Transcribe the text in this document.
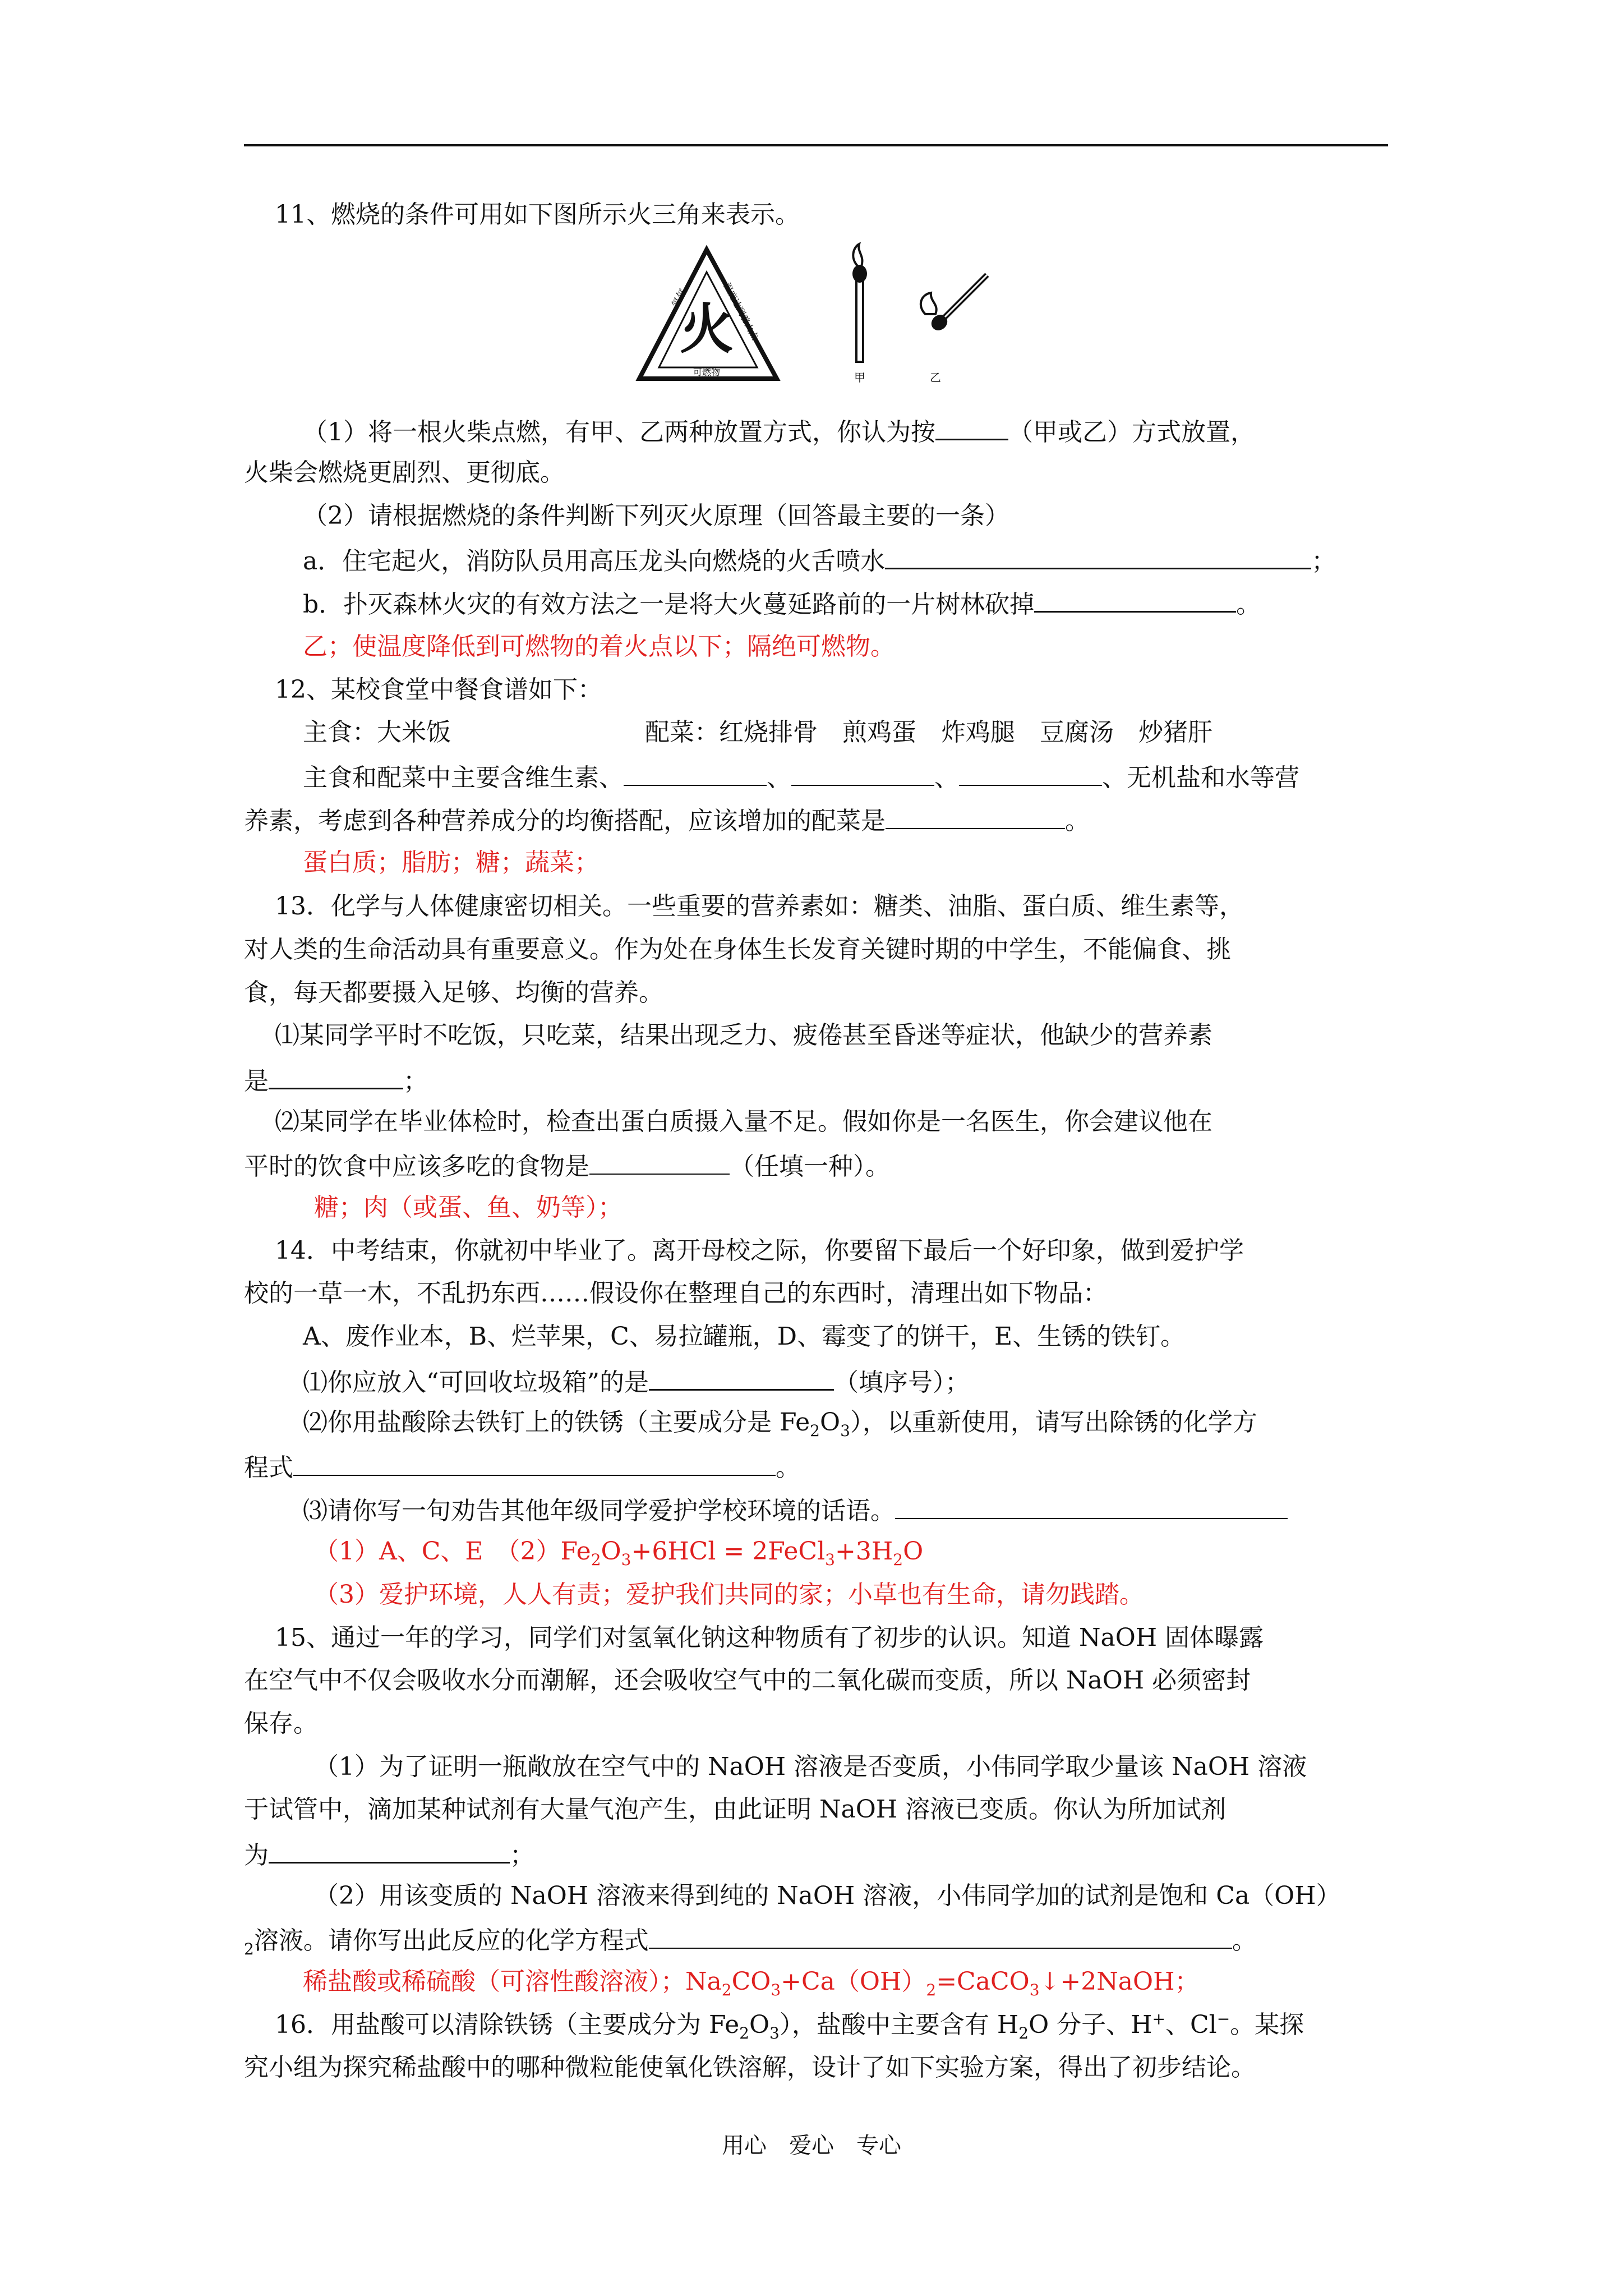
11、燃烧的条件可用如下图所示火三角来表示。
火
氧气	温度达到着火点
可燃物	甲	乙
（1）将一根火柴点燃，有甲、乙两种放置方式，你认为按	（甲或乙）方式放置，
火柴会燃烧更剧烈、更彻底。
（2）请根据燃烧的条件判断下列灭火原理（回答最主要的一条）
a．住宅起火，消防队员用高压龙头向燃烧的火舌喷水	；
b．扑灭森林火灾的有效方法之一是将大火蔓延路前的一片树林砍掉	。
乙；使温度降低到可燃物的着火点以下；隔绝可燃物。
12、某校食堂中餐食谱如下：
主食：大米饭	配菜：红烧排骨　煎鸡蛋　炸鸡腿　豆腐汤　炒猪肝
主食和配菜中主要含维生素、	、	、	、无机盐和水等营
养素，考虑到各种营养成分的均衡搭配，应该增加的配菜是	。
蛋白质；脂肪；糖；蔬菜；
13．化学与人体健康密切相关。一些重要的营养素如：糖类、油脂、蛋白质、维生素等，
对人类的生命活动具有重要意义。作为处在身体生长发育关键时期的中学生，不能偏食、挑
食，每天都要摄入足够、均衡的营养。
⑴某同学平时不吃饭，只吃菜，结果出现乏力、疲倦甚至昏迷等症状，他缺少的营养素
是	；
⑵某同学在毕业体检时，检查出蛋白质摄入量不足。假如你是一名医生，你会建议他在
平时的饮食中应该多吃的食物是	（任填一种）。
糖；肉（或蛋、鱼、奶等）；
14．中考结束，你就初中毕业了。离开母校之际，你要留下最后一个好印象，做到爱护学
校的一草一木，不乱扔东西……假设你在整理自己的东西时，清理出如下物品：
A、废作业本，B、烂苹果，C、易拉罐瓶，D、霉变了的饼干，E、生锈的铁钉。
⑴你应放入“可回收垃圾箱”的是	（填序号）；
⑵你用盐酸除去铁钉上的铁锈（主要成分是 $Fe_2O_3$），以重新使用，请写出除锈的化学方
程式	。
⑶请你写一句劝告其他年级同学爱护学校环境的话语。
（1）A、C、E　$(2)Fe_2O_3+6HCl$ = $2FeCl_3+3H_2O$
（3）爱护环境，人人有责；爱护我们共同的家；小草也有生命，请勿践踏。
15、通过一年的学习，同学们对氢氧化钠这种物质有了初步的认识。知道 NaOH 固体曝露
在空气中不仅会吸收水分而潮解，还会吸收空气中的二氧化碳而变质，所以 NaOH 必须密封
保存。
（1）为了证明一瓶敞放在空气中的 NaOH 溶液是否变质，小伟同学取少量该 NaOH 溶液
于试管中，滴加某种试剂有大量气泡产生，由此证明 NaOH 溶液已变质。你认为所加试剂
为	；
（2）用该变质的 NaOH 溶液来得到纯的 NaOH 溶液，小伟同学加的试剂是饱和 Ca（OH）
$_2$溶液。请你写出此反应的化学方程式	。
稀盐酸或稀硫酸（可溶性酸溶液）；$Na_2CO_3+Ca(OH)_2=CaCO_3↓+2NaOH$；
16．用盐酸可以清除铁锈（主要成分为 $Fe_2O_3$），盐酸中主要含有 $H_2O$ 分子、H+、Cl−。某探
究小组为探究稀盐酸中的哪种微粒能使氧化铁溶解，设计了如下实验方案，得出了初步结论。
用心　爱心　专心
